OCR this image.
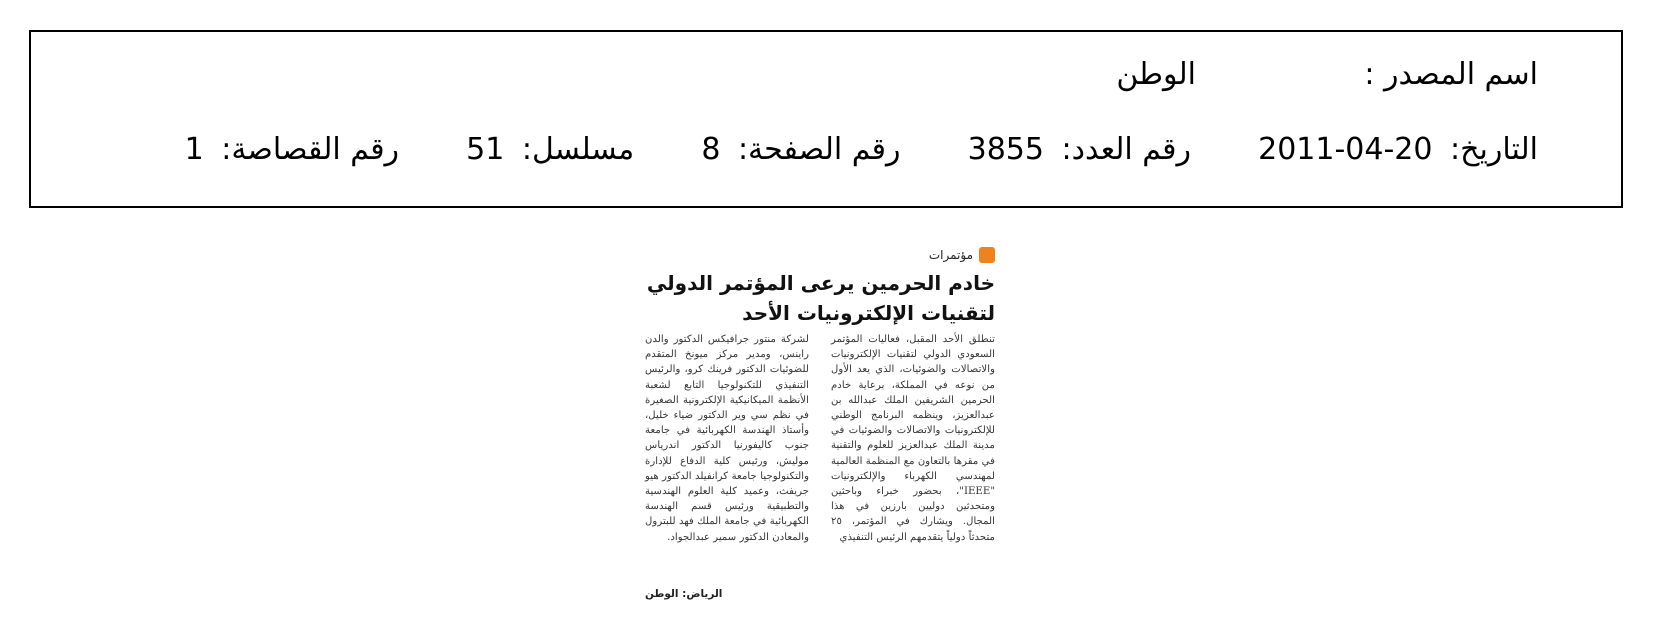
اسم المصدر :
الوطن
التاريخ: 2011-04-20  رقم العدد: 3855  رقم الصفحة: 8  مسلسل: 51  رقم القصاصة: 1
مؤتمرات
خادم الحرمين يرعى المؤتمر الدولي
لتقنيات الإلكترونيات الأحد

تنطلق الأحد المقبل، فعاليات المؤتمر السعودي الدولي لتقنيات الإلكترونيات والاتصالات والضوئيات، الذي يعد الأول من نوعه في المملكة، برعاية خادم الحرمين الشريفين الملك عبدالله بن عبدالعزيز، وينظمه البرنامج الوطني للإلكترونيات والاتصالات والضوئيات في مدينة الملك عبدالعزيز للعلوم والتقنية في مقرها بالتعاون مع المنظمة العالمية لمهندسي الكهرباء والإلكترونيات "IEEE"، بحضور خبراء وباحثين ومتحدثين دوليين بارزين في هذا المجال. ويشارك في المؤتمر، ٢٥ متحدثاً دولياً يتقدمهم الرئيس التنفيذي

لشركة منتور جرافيكس الدكتور والدن راينس، ومدير مركز ميونخ المتقدم للضوئيات الدكتور فرينك كرو، والرئيس التنفيذي للتكنولوجيا التابع لشعبة الأنظمة الميكانيكية الإلكترونية الصغيرة في نظم سي وير الدكتور ضياء خليل، وأستاذ الهندسة الكهربائية في جامعة جنوب كاليفورنيا الدكتور اندرياس موليش، ورئيس كلية الدفاع للإدارة والتكنولوجيا جامعة كرانفيلد الدكتور هيو جريفث، وعميد كلية العلوم الهندسية والتطبيقية ورئيس قسم الهندسة الكهربائية في جامعة الملك فهد للبترول والمعادن الدكتور سمير عبدالجواد.

الرياض: الوطن
